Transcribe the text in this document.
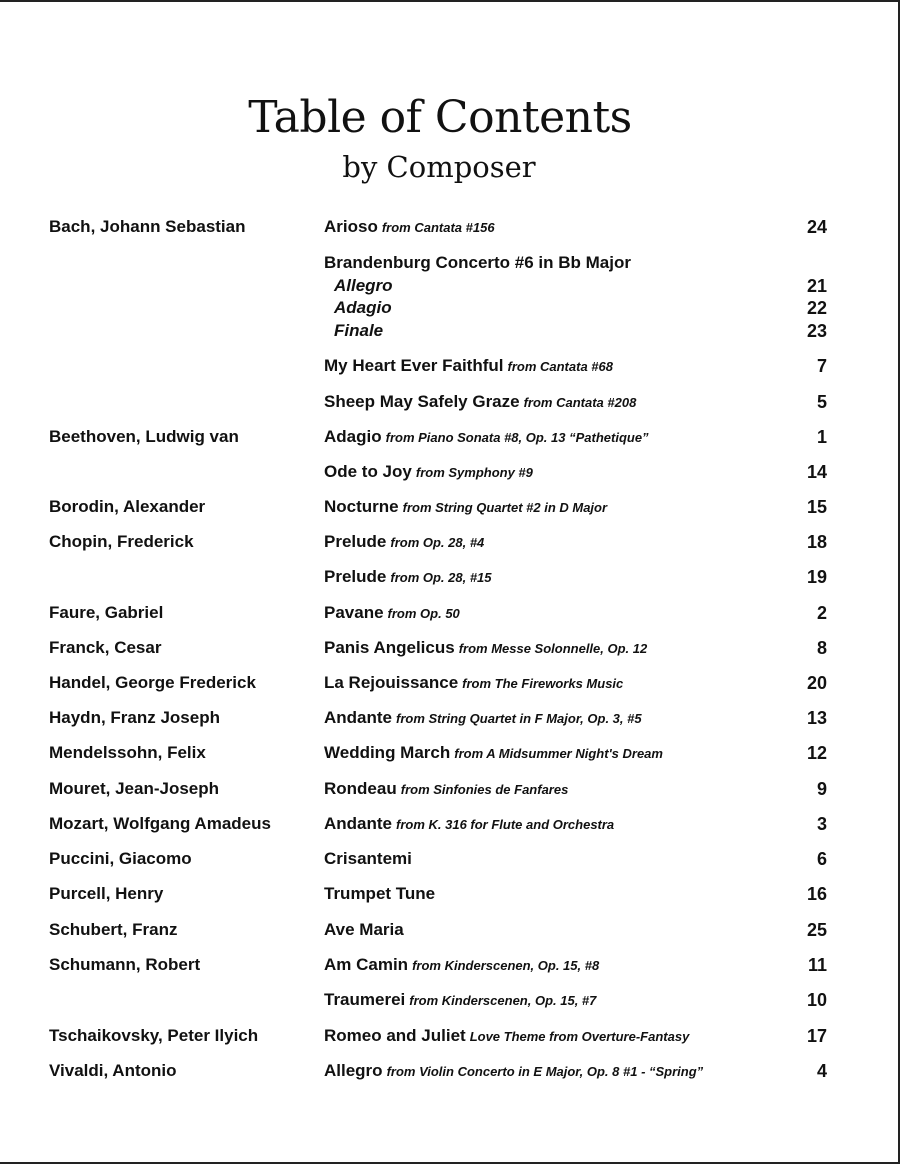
Table of Contents
by Composer
Bach, Johann Sebastian	Arioso from Cantata #156	24
Brandenburg Concerto #6 in Bb Major
Allegro	21
Adagio	22
Finale	23
My Heart Ever Faithful from Cantata #68	7
Sheep May Safely Graze from Cantata #208	5
Beethoven, Ludwig van	Adagio from Piano Sonata #8, Op. 13 “Pathetique”	1
Ode to Joy from Symphony #9	14
Borodin, Alexander	Nocturne from String Quartet #2 in D Major	15
Chopin, Frederick	Prelude from Op. 28, #4	18
Prelude from Op. 28, #15	19
Faure, Gabriel	Pavane from Op. 50	2
Franck, Cesar	Panis Angelicus from Messe Solonnelle, Op. 12	8
Handel, George Frederick	La Rejouissance from The Fireworks Music	20
Haydn, Franz Joseph	Andante from String Quartet in F Major, Op. 3, #5	13
Mendelssohn, Felix	Wedding March from A Midsummer Night's Dream	12
Mouret, Jean-Joseph	Rondeau from Sinfonies de Fanfares	9
Mozart, Wolfgang Amadeus	Andante from K. 316 for Flute and Orchestra	3
Puccini, Giacomo	Crisantemi	6
Purcell, Henry	Trumpet Tune	16
Schubert, Franz	Ave Maria	25
Schumann, Robert	Am Camin from Kinderscenen, Op. 15, #8	11
Traumerei from Kinderscenen, Op. 15, #7	10
Tschaikovsky, Peter Ilyich	Romeo and Juliet Love Theme from Overture-Fantasy	17
Vivaldi, Antonio	Allegro from Violin Concerto in E Major, Op. 8 #1 - “Spring”	4
